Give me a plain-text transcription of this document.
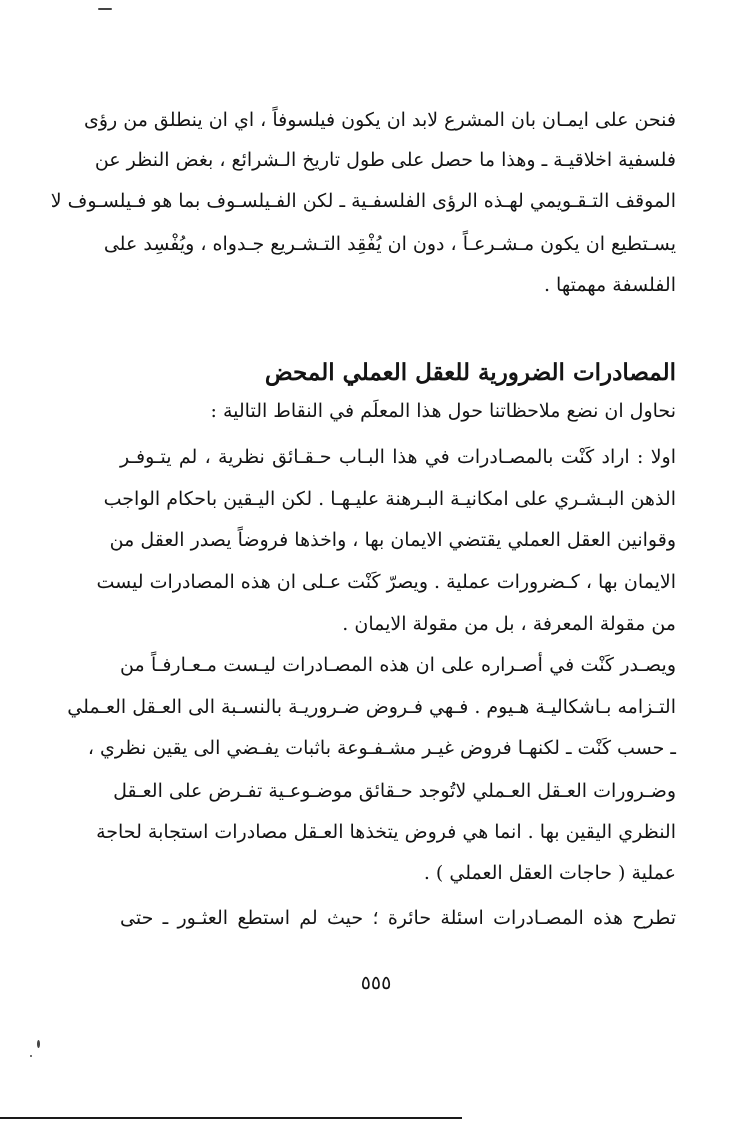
فنحن على ايمـان بان المشرع لابد ان يكون فيلسوفاً ، اي ان ينطلق من رؤى
فلسفية اخلاقيـة ـ وهذا ما حصل على طول تاريخ الـشرائع ، بغض النظر عن
الموقف التـقـويمي لهـذه الرؤى الفلسفـية ـ لكن الفـيلسـوف بما هو فـيلسـوف لا
يسـتطيع ان يكون مـشـرعـاً ، دون ان يُفْقِد التـشـريع جـدواه ، ويُفْسِد على
الفلسفة مهمتها .
المصادرات الضرورية للعقل العملي المحض
نحاول ان نضع ملاحظاتنا حول هذا المعلَم في النقاط التالية :
اولا : اراد كَنْت بالمصـادرات في هذا البـاب حـقـائق نظرية ، لم يتـوفـر
الذهن البـشـري على امكانيـة البـرهنة عليـهـا . لكن اليـقين باحكام الواجب
وقوانين العقل العملي يقتضي الايمان بها ، واخذها فروضاً يصدر العقل من
الايمان بها ، كـضرورات عملية . ويصرّ كَنْت عـلى ان هذه المصادرات ليست
من مقولة المعرفة ، بل من مقولة الايمان .
ويصـدر كَنْت في أصـراره على ان هذه المصـادرات ليـست مـعـارفـاً من
التـزامه بـاشكاليـة هـيوم . فـهي فـروض ضـروريـة بالنسـبة الى العـقل العـملي
ـ حسب كَنْت ـ لكنهـا فروض غيـر مشـفـوعة باثبات يفـضي الى يقين نظري ،
وضـرورات العـقل العـملي لاتُوجد حـقائق موضـوعـية تفـرض على العـقل
النظري اليقين بها . انما هي فروض يتخذها العـقل مصادرات استجابة لحاجة
عملية ( حاجات العقل العملي ) .
تطرح هذه المصـادرات اسئلة حائرة ؛ حيث لم استطع العثـور ـ حتى
٥٥٥
